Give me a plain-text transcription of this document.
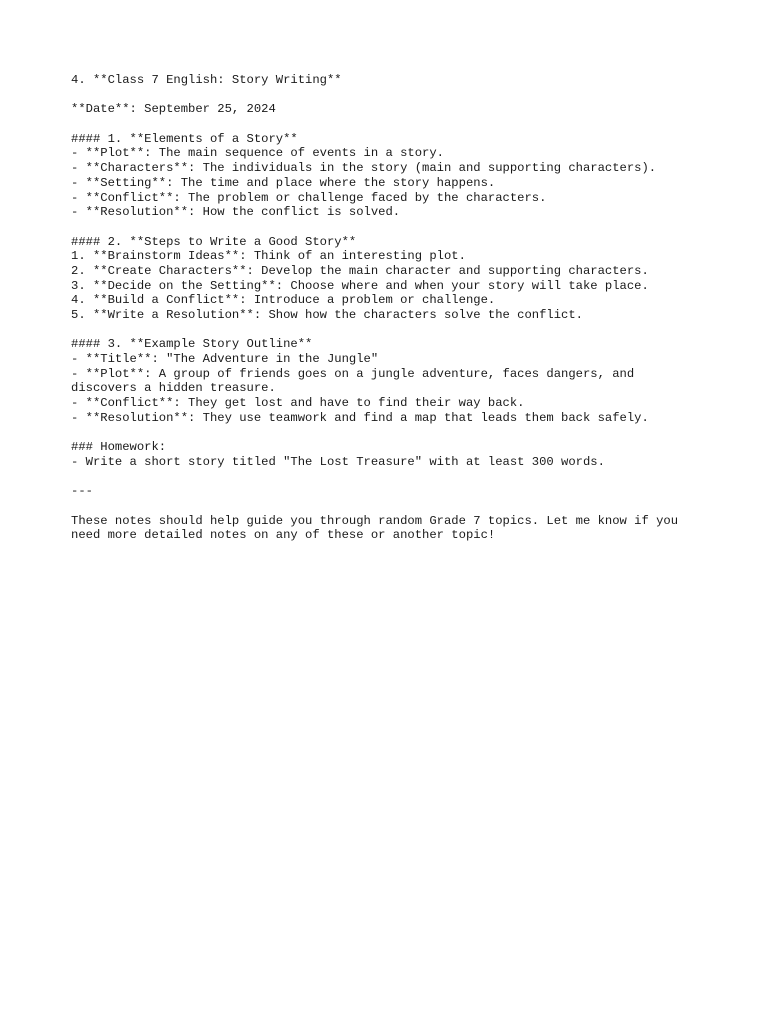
4. **Class 7 English: Story Writing**
**Date**: September 25, 2024
#### 1. **Elements of a Story**
- **Plot**: The main sequence of events in a story.
- **Characters**: The individuals in the story (main and supporting characters).
- **Setting**: The time and place where the story happens.
- **Conflict**: The problem or challenge faced by the characters.
- **Resolution**: How the conflict is solved.
#### 2. **Steps to Write a Good Story**
1. **Brainstorm Ideas**: Think of an interesting plot.
2. **Create Characters**: Develop the main character and supporting characters.
3. **Decide on the Setting**: Choose where and when your story will take place.
4. **Build a Conflict**: Introduce a problem or challenge.
5. **Write a Resolution**: Show how the characters solve the conflict.
#### 3. **Example Story Outline**
- **Title**: "The Adventure in the Jungle"
- **Plot**: A group of friends goes on a jungle adventure, faces dangers, and
discovers a hidden treasure.
- **Conflict**: They get lost and have to find their way back.
- **Resolution**: They use teamwork and find a map that leads them back safely.
### Homework:
- Write a short story titled "The Lost Treasure" with at least 300 words.
---
These notes should help guide you through random Grade 7 topics. Let me know if you
need more detailed notes on any of these or another topic!
